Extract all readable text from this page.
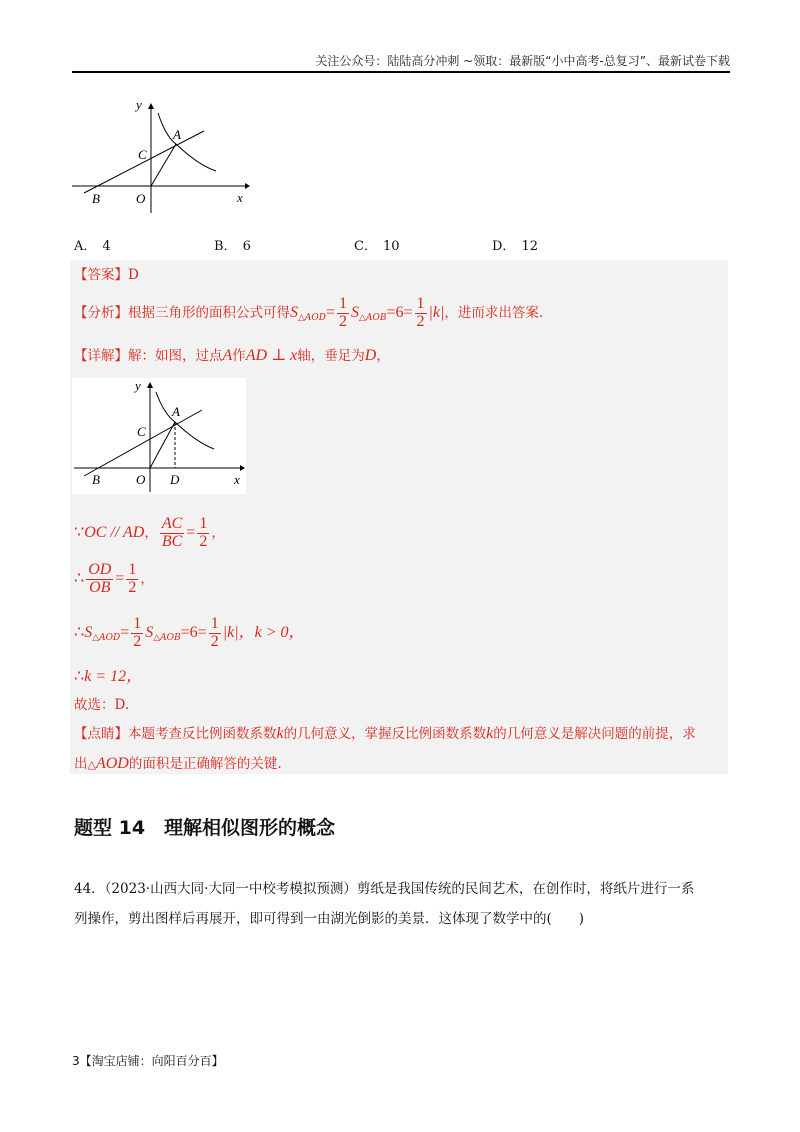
关注公众号：陆陆高分冲刺 ~领取：最新版“小中高考-总复习”、最新试卷下载
y
x
A
C
B	O
A． 4	B． 6	C． 10	D． 12
【答案】D
【分析】根据三角形的面积公式可得$S_{\triangle AOD}= \frac{1}{2} S_{\triangle AOB}=6= \frac{1}{2} |k|$，进而求出答案.
【详解】解：如图，过点A作AD ⊥ x轴，垂足为D，
y
x
A
C
B	O D
∵OC // AD， $\frac{AC}{BC} = \frac{1}{2}$ ，
∴ $\frac{OD}{OB} = \frac{1}{2}$ ，
$\therefore S_{\triangle AOD}= \frac{1}{2} S_{\triangle AOB}=6= \frac{1}{2} |k|$，k > 0，
∴k = 12，
故选：D.
【点睛】本题考查反比例函数系数k的几何意义，掌握反比例函数系数k的几何意义是解决问题的前提，求
出△AOD的面积是正确解答的关键.
题型 14　理解相似图形的概念
44．（2023·山西大同·大同一中校考模拟预测）剪纸是我国传统的民间艺术，在创作时，将纸片进行一系
列操作，剪出图样后再展开，即可得到一由湖光倒影的美景．这体现了数学中的(　　)
3【淘宝店铺：向阳百分百】
